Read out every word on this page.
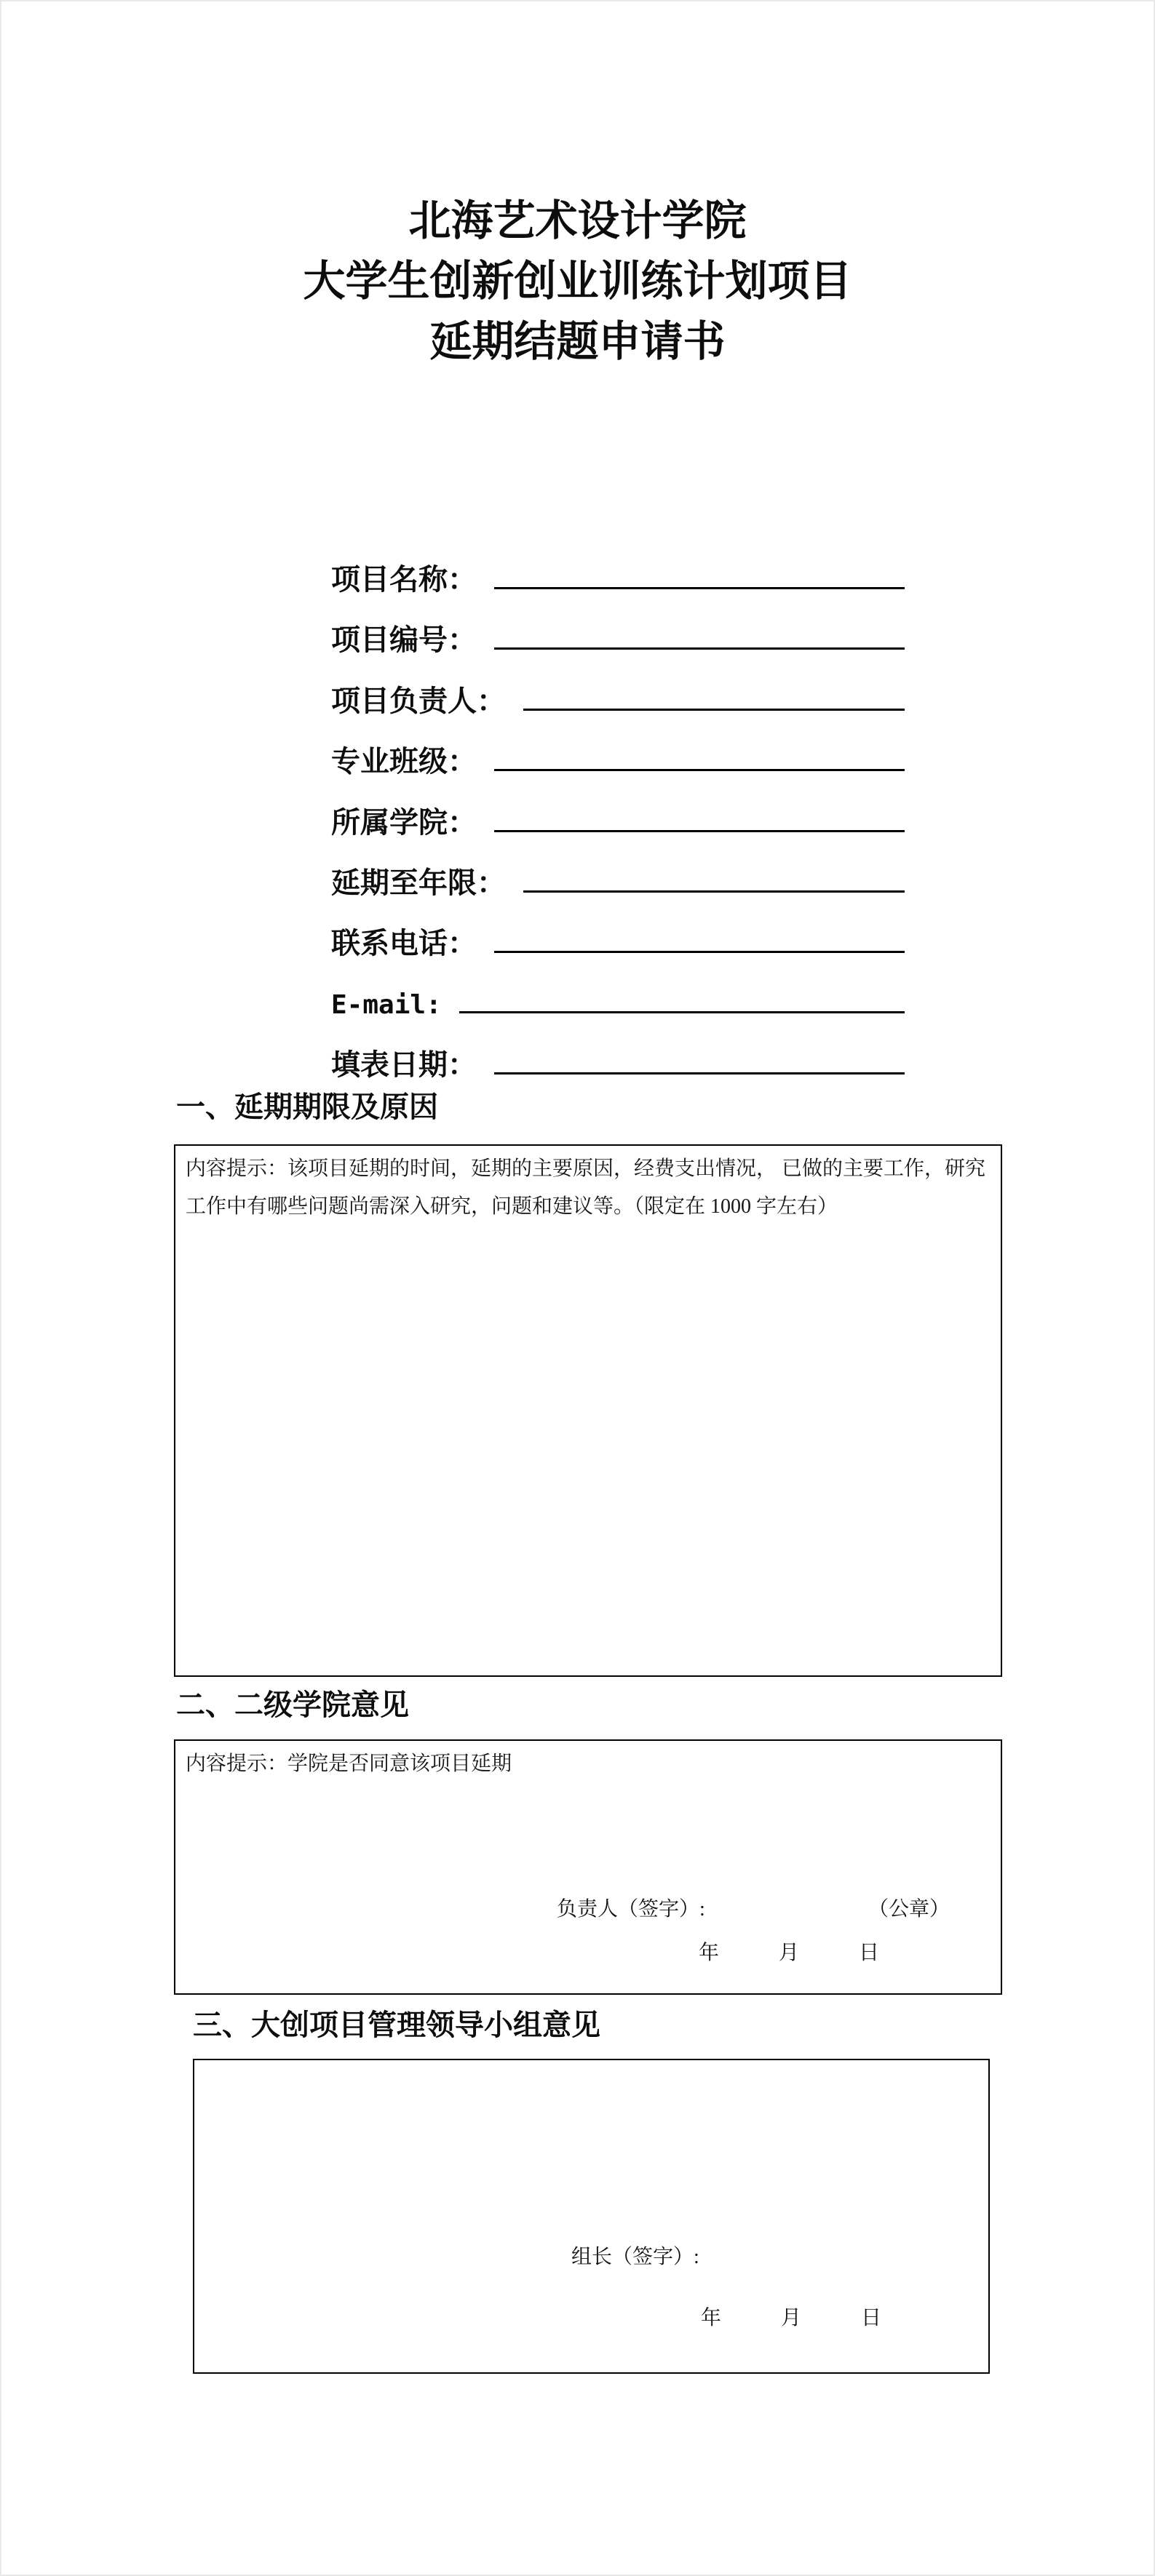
北海艺术设计学院
大学生创新创业训练计划项目
延期结题申请书
项目名称：
项目编号：
项目负责人：
专业班级：
所属学院：
延期至年限：
联系电话：
E-mail:
填表日期：
一、延期期限及原因
内容提示：该项目延期的时间，延期的主要原因，经费支出情况， 已做的主要工作，研究
工作中有哪些问题尚需深入研究，问题和建议等。（限定在 1000 字左右）
二、二级学院意见
内容提示：学院是否同意该项目延期
负责人（签字）:	（公章）
年	月	日
三、大创项目管理领导小组意见
组长（签字）:
年	月	日
